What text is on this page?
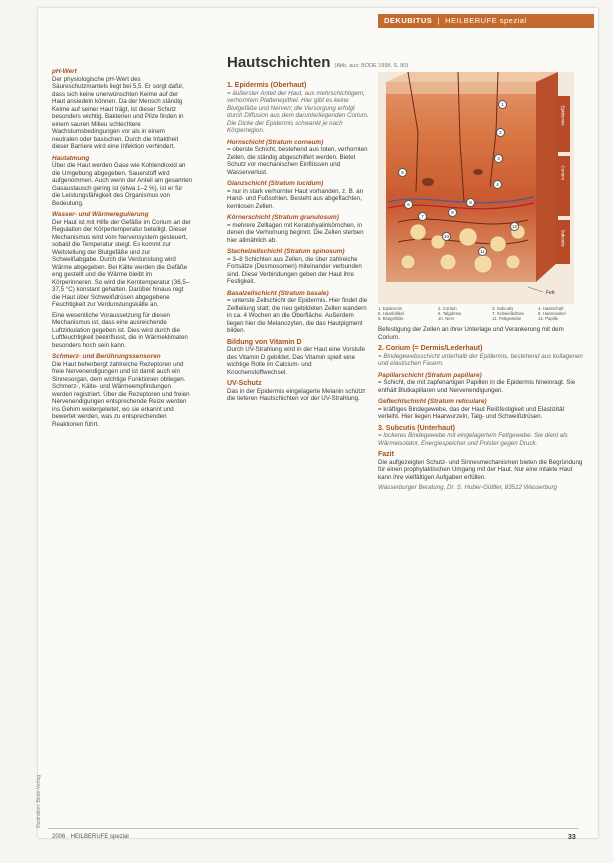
DEKUBITUS  |  HEILBERUFE spezial
Illustration: Bode-Verlag
pH-Wert

Der physiologische pH-Wert des Säureschutzmantels liegt bei 5,5. Er sorgt dafür, dass sich keine unerwünschten Keime auf der Haut ansiedeln können. Da der Mensch ständig Keime auf seiner Haut trägt, ist dieser Schutz besonders wichtig. Bakterien und Pilze finden in einem sauren Milieu schlechtere Wachstumsbedingungen vor als in einem neutralen oder basischen. Durch die Intaktheit dieser Barriere wird eine Infektion verhindert.

Hautatmung

Über die Haut werden Gase wie Kohlendioxid an die Umgebung abgegeben. Sauerstoff wird aufgenommen. Auch wenn der Anteil am gesamten Gasaustausch gering ist (etwa 1–2 %), ist er für die Leistungsfähigkeit des Organismus von Bedeutung.

Wasser- und Wärmeregulierung

Der Haut ist mit Hilfe der Gefäße im Corium an der Regulation der Körpertemperatur beteiligt. Dieser Mechanismus wird vom Nervensystem gesteuert, sobald die Temperatur steigt. Es kommt zur Weitstellung der Blutgefäße und zur Schweißabgabe. Durch die Verdunstung wird Wärme abgegeben. Bei Kälte werden die Gefäße eng gestellt und die Wärme bleibt im Körperinneren. So wird die Kerntemperatur (36,5–37,5 °C) konstant gehalten. Darüber hinaus regt die Haut über Schweißdrüsen abgegebene Feuchtigkeit zur Verdunstungskälte an.

Eine wesentliche Voraussetzung für diesen Mechanismus ist, dass eine ausreichende Luftzirkulation gegeben ist. Dies wird durch die Luftfeuchtigkeit beeinflusst, die in Wärmeklimaten besonders hoch sein kann.

Schmerz- und Berührungssensoren

Die Haut beherbergt zahlreiche Rezeptoren und freie Nervenendigungen und ist damit auch ein Sinnesorgan, dem wichtige Funktionen obliegen. Schmerz-, Kälte- und Wärmeempfindungen werden registriert. Über die Rezeptoren und freien Nervenendigungen entsprechende Reize werden ins Gehirn weitergeleitet, wo sie erkannt und bewertet werden, was zu entsprechenden Reaktionen führt.

Hautschichten (Abb. aus: BODE 1998, S. 80)
1. Epidermis (Oberhaut)

= äußerster Anteil der Haut, aus mehrschichtigem, verhorntem Plattenepithel. Hier gibt es keine Blutgefäße und Nerven; die Versorgung erfolgt durch Diffusion aus dem darunterliegenden Corium. Die Dicke der Epidermis schwankt je nach Körperregion.

Hornschicht (Stratum corneum)

= oberste Schicht, bestehend aus toten, verhornten Zellen, die ständig abgeschilfert werden. Bietet Schutz vor mechanischen Einflüssen und Wasserverlust.

Glanzschicht (Stratum lucidum)

= nur in stark verhornter Haut vorhanden, z. B. an Hand- und Fußsohlen. Besteht aus abgeflachten, kernlosen Zellen.

Körnerschicht (Stratum granulosum)

= mehrere Zelllagen mit Keratohyalinkörnchen, in denen die Verhornung beginnt. Die Zellen sterben hier allmählich ab.

Stachelzellschicht (Stratum spinosum)

= 3–8 Schichten aus Zellen, die über zahlreiche Fortsätze (Desmosomen) miteinander verbunden sind. Diese Verbindungen geben der Haut ihre Festigkeit.

Basalzellschicht (Stratum basale)

= unterste Zellschicht der Epidermis. Hier findet die Zellteilung statt; die neu gebildeten Zellen wandern in ca. 4 Wochen an die Oberfläche. Außerdem liegen hier die Melanozyten, die das Hautpigment bilden.

Bildung von Vitamin D

Durch UV-Strahlung wird in der Haut eine Vorstufe des Vitamin D gebildet. Das Vitamin spielt eine wichtige Rolle im Calcium- und Knochenstoffwechsel.

UV-Schutz

Das in der Epidermis eingelagerte Melanin schützt die tieferen Hautschichten vor der UV-Strahlung.

Epidermis
Corium
Subcutis
Fett
1
2
3
4
5
6
7
8
9
10
11
12
1. Epidermis	2. Corium	3. Subcutis	4. Haarschaft
5. Haarfollikel	6. Talgdrüse	7. Schweißdrüse	8. Haarmuskel
9. Blutgefäße	10. Nerv	11. Fettgewebe	12. Papille

Befestigung der Zellen an ihrer Unterlage und Verankerung mit dem Corium.

2. Corium (= Dermis/Lederhaut)

= Bindegewebsschicht unterhalb der Epidermis, bestehend aus kollagenen und elastischen Fasern.

Papillarschicht (Stratum papillare)

= Schicht, die mit zapfenartigen Papillen in die Epidermis hineinragt. Sie enthält Blutkapillaren und Nervenendigungen.

Geflechtschicht (Stratum reticulare)

= kräftiges Bindegewebe, das der Haut Reißfestigkeit und Elastizität verleiht. Hier liegen Haarwurzeln, Talg- und Schweißdrüsen.

3. Subcutis (Unterhaut)

= lockeres Bindegewebe mit eingelagertem Fettgewebe. Sie dient als Wärmeisolator, Energiespeicher und Polster gegen Druck.

Fazit

Die aufgezeigten Schutz- und Sinnesmechanismen bieten die Begründung für einen prophylaktischen Umgang mit der Haut. Nur eine intakte Haut kann ihre vielfältigen Aufgaben erfüllen.

Wasserburger Beratung, Dr. S. Huber-Güttler, 83512 Wasserburg

2006 · HEILBERUFE spezial	33
